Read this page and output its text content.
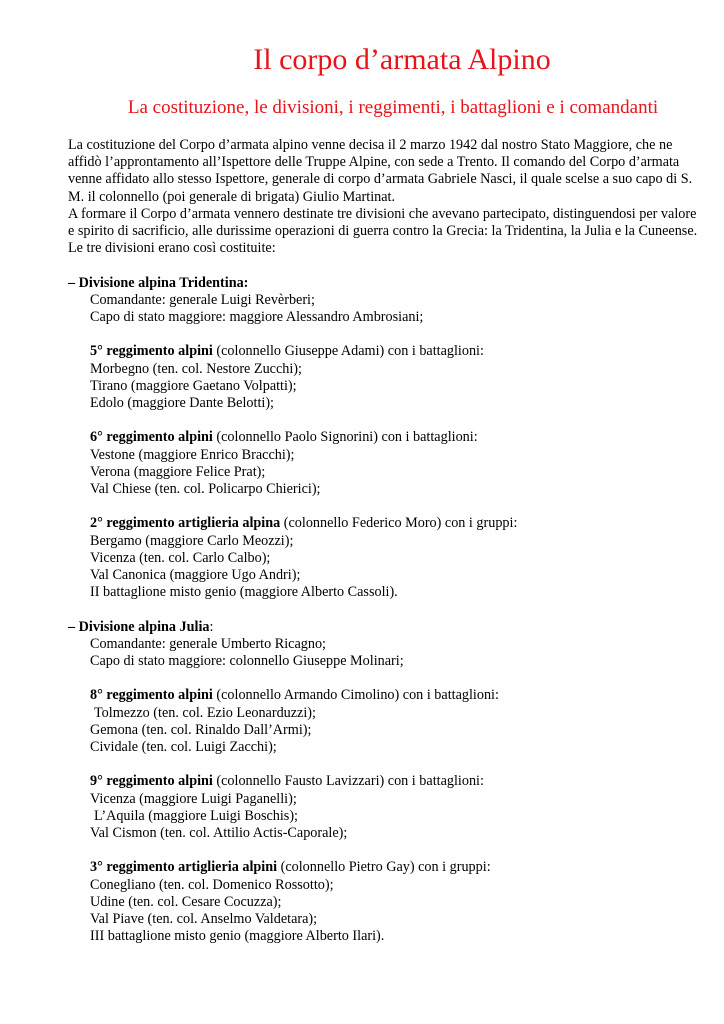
Il corpo d’armata Alpino
La costituzione, le divisioni, i reggimenti, i battaglioni e i comandanti

La costituzione del Corpo d’armata alpino venne decisa il 2 marzo 1942 dal nostro Stato Maggiore, che ne affidò l’approntamento all’Ispettore delle Truppe Alpine, con sede a Trento. Il comando del Corpo d’armata venne affidato allo stesso Ispettore, generale di corpo d’armata Gabriele Nasci, il quale scelse a suo capo di S. M. il colonnello (poi generale di brigata) Giulio Martinat.

A formare il Corpo d’armata vennero destinate tre divisioni che avevano partecipato, distinguendosi per valore e spirito di sacrificio, alle durissime operazioni di guerra contro la Grecia: la Tridentina, la Julia e la Cuneense.

Le tre divisioni erano così costituite:

– Divisione alpina Tridentina:

Comandante: generale Luigi Revèrberi;

Capo di stato maggiore: maggiore Alessandro Ambrosiani;

5° reggimento alpini (colonnello Giuseppe Adami) con i battaglioni:

Morbegno (ten. col. Nestore Zucchi);

Tirano (maggiore Gaetano Volpatti);

Edolo (maggiore Dante Belotti);

6° reggimento alpini (colonnello Paolo Signorini) con i battaglioni:

Vestone (maggiore Enrico Bracchi);

Verona (maggiore Felice Prat);

Val Chiese (ten. col. Policarpo Chierici);

2° reggimento artiglieria alpina (colonnello Federico Moro) con i gruppi:

Bergamo (maggiore Carlo Meozzi);

Vicenza (ten. col. Carlo Calbo);

Val Canonica (maggiore Ugo Andri);

II battaglione misto genio (maggiore Alberto Cassoli).

– Divisione alpina Julia:

Comandante: generale Umberto Ricagno;

Capo di stato maggiore: colonnello Giuseppe Molinari;

8° reggimento alpini (colonnello Armando Cimolino) con i battaglioni:

Tolmezzo (ten. col. Ezio Leonarduzzi);

Gemona (ten. col. Rinaldo Dall’Armi);

Cividale (ten. col. Luigi Zacchi);

9° reggimento alpini (colonnello Fausto Lavizzari) con i battaglioni:

Vicenza (maggiore Luigi Paganelli);

L’Aquila (maggiore Luigi Boschis);

Val Cismon (ten. col. Attilio Actis-Caporale);

3° reggimento artiglieria alpini (colonnello Pietro Gay) con i gruppi:

Conegliano (ten. col. Domenico Rossotto);

Udine (ten. col. Cesare Cocuzza);

Val Piave (ten. col. Anselmo Valdetara);

III battaglione misto genio (maggiore Alberto Ilari).
